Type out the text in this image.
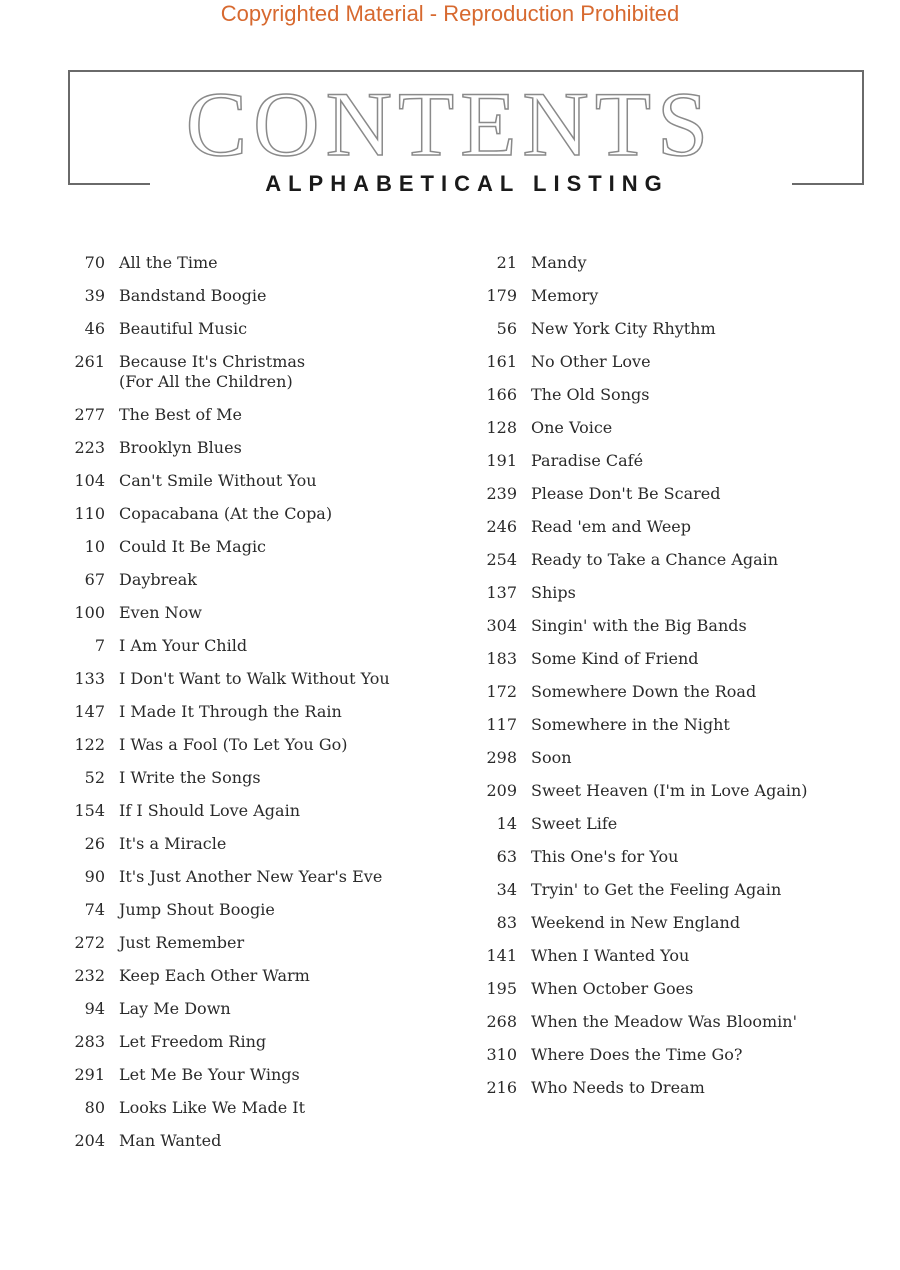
Copyrighted Material - Reproduction Prohibited
CONTENTS
ALPHABETICAL LISTING
70 All the Time
39 Bandstand Boogie
46 Beautiful Music
261 Because It's Christmas
(For All the Children)
277 The Best of Me
223 Brooklyn Blues
104 Can't Smile Without You
110 Copacabana (At the Copa)
10 Could It Be Magic
67 Daybreak
100 Even Now
7 I Am Your Child
133 I Don't Want to Walk Without You
147 I Made It Through the Rain
122 I Was a Fool (To Let You Go)
52 I Write the Songs
154 If I Should Love Again
26 It's a Miracle
90 It's Just Another New Year's Eve
74 Jump Shout Boogie
272 Just Remember
232 Keep Each Other Warm
94 Lay Me Down
283 Let Freedom Ring
291 Let Me Be Your Wings
80 Looks Like We Made It
204 Man Wanted
21 Mandy
179 Memory
56 New York City Rhythm
161 No Other Love
166 The Old Songs
128 One Voice
191 Paradise Café
239 Please Don't Be Scared
246 Read 'em and Weep
254 Ready to Take a Chance Again
137 Ships
304 Singin' with the Big Bands
183 Some Kind of Friend
172 Somewhere Down the Road
117 Somewhere in the Night
298 Soon
209 Sweet Heaven (I'm in Love Again)
14 Sweet Life
63 This One's for You
34 Tryin' to Get the Feeling Again
83 Weekend in New England
141 When I Wanted You
195 When October Goes
268 When the Meadow Was Bloomin'
310 Where Does the Time Go?
216 Who Needs to Dream
